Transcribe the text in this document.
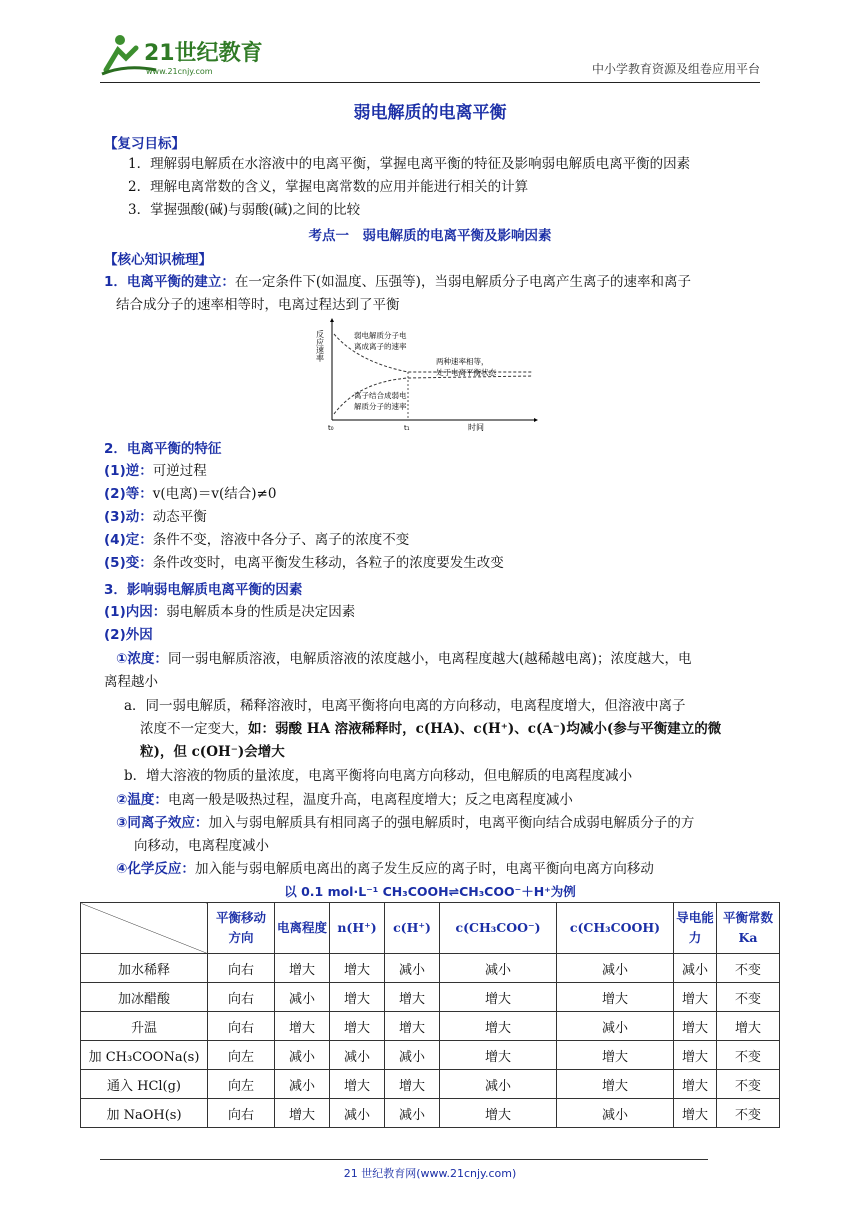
21世纪教育
www.21cnjy.com	中小学教育资源及组卷应用平台
弱电解质的电离平衡
【复习目标】
1．理解弱电解质在水溶液中的电离平衡，掌握电离平衡的特征及影响弱电解质电离平衡的因素
2．理解电离常数的含义，掌握电离常数的应用并能进行相关的计算
3．掌握强酸(碱)与弱酸(碱)之间的比较
考点一　弱电解质的电离平衡及影响因素
【核心知识梳理】
1．电离平衡的建立：在一定条件下(如温度、压强等)，当弱电解质分子电离产生离子的速率和离子
结合成分子的速率相等时，电离过程达到了平衡
反应速率
t₀	t₁	时间
弱电解质分子电
离成离子的速率
离子结合成弱电
解质分子的速率
两种速率相等，
处于电离平衡状态
2．电离平衡的特征
(1)逆：可逆过程
(2)等：v(电离)＝v(结合)≠0
(3)动：动态平衡
(4)定：条件不变，溶液中各分子、离子的浓度不变
(5)变：条件改变时，电离平衡发生移动，各粒子的浓度要发生改变
3．影响弱电解质电离平衡的因素
(1)内因：弱电解质本身的性质是决定因素
(2)外因
①浓度：同一弱电解质溶液，电解质溶液的浓度越小，电离程度越大(越稀越电离)；浓度越大，电
离程越小
a．同一弱电解质，稀释溶液时，电离平衡将向电离的方向移动，电离程度增大，但溶液中离子
浓度不一定变大，如：弱酸 HA 溶液稀释时，c(HA)、c(H⁺)、c(A⁻)均减小(参与平衡建立的微
粒)，但 c(OH⁻)会增大
b．增大溶液的物质的量浓度，电离平衡将向电离方向移动，但电解质的电离程度减小
②温度：电离一般是吸热过程，温度升高，电离程度增大；反之电离程度减小
③同离子效应：加入与弱电解质具有相同离子的强电解质时，电离平衡向结合成弱电解质分子的方
向移动，电离程度减小
④化学反应：加入能与弱电解质电离出的离子发生反应的离子时，电离平衡向电离方向移动
以 0.1 mol·L⁻¹ CH₃COOH⇌CH₃COO⁻＋H⁺为例
	平衡移动方向	电离程度	n(H⁺)	c(H⁺)	c(CH₃COO⁻)	c(CH₃COOH)	导电能力	平衡常数 Ka
加水稀释	向右	增大	增大	减小	减小	减小	减小	不变
加冰醋酸	向右	减小	增大	增大	增大	增大	增大	不变
升温	向右	增大	增大	增大	增大	减小	增大	增大
加 CH₃COONa(s)	向左	减小	减小	减小	增大	增大	增大	不变
通入 HCl(g)	向左	减小	增大	增大	减小	增大	增大	不变
加 NaOH(s)	向右	增大	减小	减小	增大	减小	增大	不变
21 世纪教育网(www.21cnjy.com)
